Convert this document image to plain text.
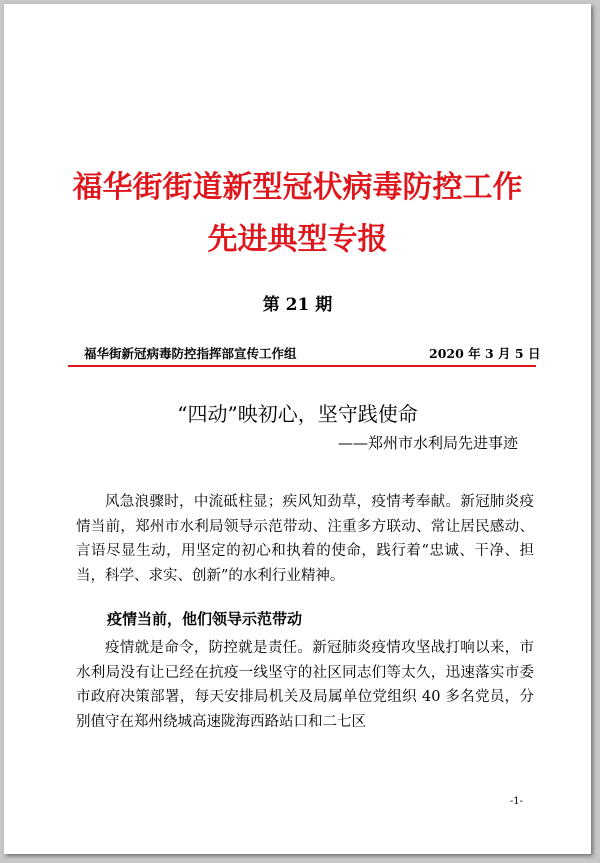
福华街街道新型冠状病毒防控工作
先进典型专报
第 21 期
福华街新冠病毒防控指挥部宣传工作组	2020 年 3 月 5 日
“四动”映初心，坚守践使命
——郑州市水利局先进事迹
风急浪骤时，中流砥柱显；疾风知劲草，疫情考奉献。新冠肺炎疫情当前，郑州市水利局领导示范带动、注重多方联动、常让居民感动、言语尽显生动，用坚定的初心和执着的使命，践行着“忠诚、干净、担当，科学、求实、创新”的水利行业精神。
疫情当前，他们领导示范带动
疫情就是命令，防控就是责任。新冠肺炎疫情攻坚战打响以来，市水利局没有让已经在抗疫一线坚守的社区同志们等太久，迅速落实市委市政府决策部署，每天安排局机关及局属单位党组织 40 多名党员，分别值守在郑州绕城高速陇海西路站口和二七区
-1-
